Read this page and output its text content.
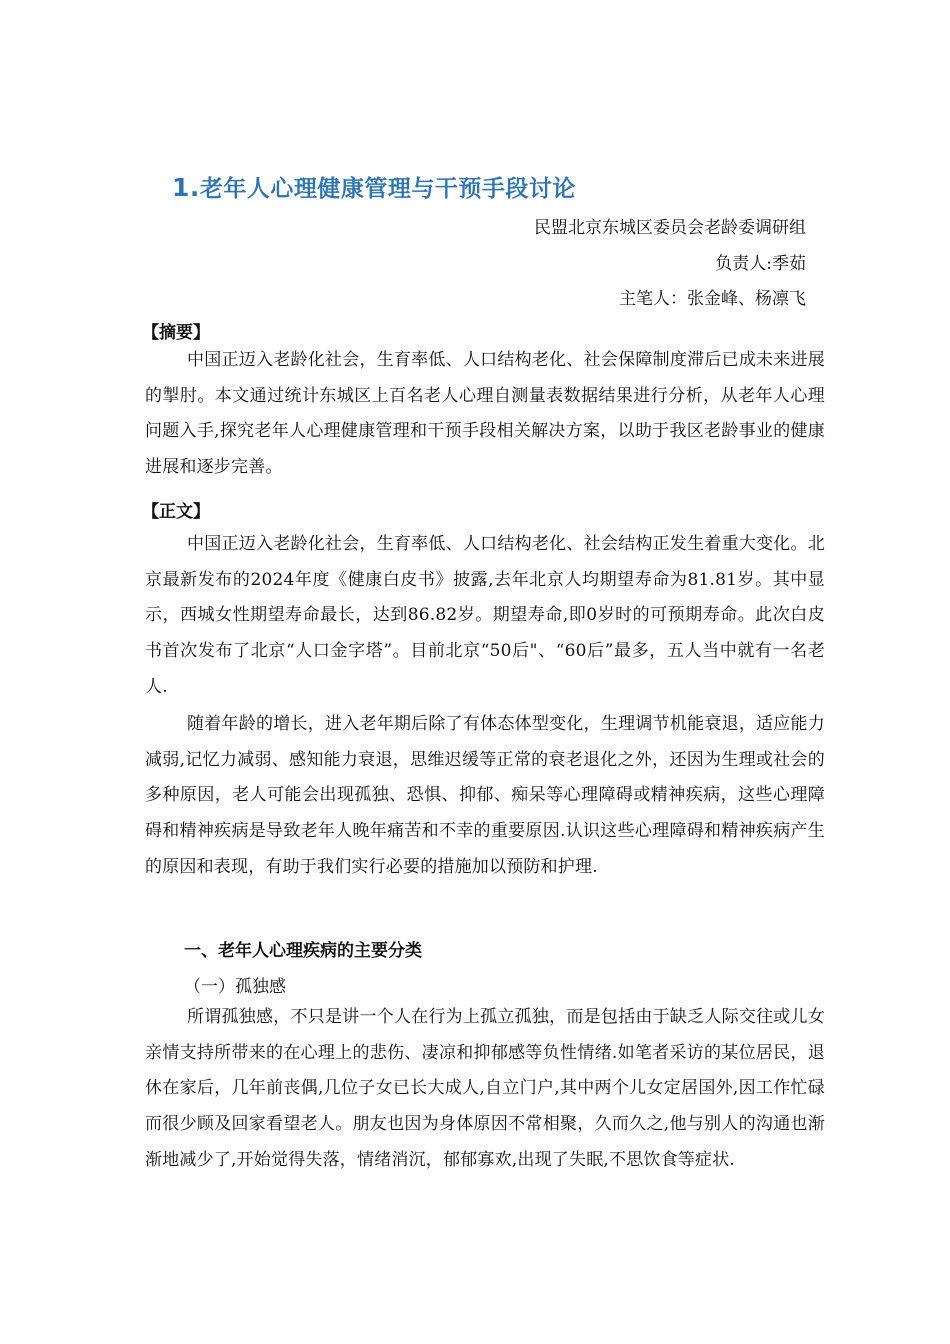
1.老年人心理健康管理与干预手段讨论
民盟北京东城区委员会老龄委调研组
负责人:季茹
主笔人：张金峰、杨凛飞
【摘要】
中国正迈入老龄化社会，生育率低、人口结构老化、社会保障制度滞后已成未来进展的掣肘。本文通过统计东城区上百名老人心理自测量表数据结果进行分析，从老年人心理问题入手,探究老年人心理健康管理和干预手段相关解决方案，以助于我区老龄事业的健康进展和逐步完善。
【正文】
中国正迈入老龄化社会，生育率低、人口结构老化、社会结构正发生着重大变化。北京最新发布的2024年度《健康白皮书》披露,去年北京人均期望寿命为81.81岁。其中显示，西城女性期望寿命最长，达到86.82岁。期望寿命,即0岁时的可预期寿命。此次白皮书首次发布了北京“人口金字塔”。目前北京“50后"、“60后”最多，五人当中就有一名老人.
随着年龄的增长，进入老年期后除了有体态体型变化，生理调节机能衰退，适应能力减弱,记忆力减弱、感知能力衰退，思维迟缓等正常的衰老退化之外，还因为生理或社会的多种原因，老人可能会出现孤独、恐惧、抑郁、痴呆等心理障碍或精神疾病，这些心理障碍和精神疾病是导致老年人晚年痛苦和不幸的重要原因.认识这些心理障碍和精神疾病产生的原因和表现，有助于我们实行必要的措施加以预防和护理.
一、老年人心理疾病的主要分类
（一）孤独感
所谓孤独感，不只是讲一个人在行为上孤立孤独，而是包括由于缺乏人际交往或儿女亲情支持所带来的在心理上的悲伤、凄凉和抑郁感等负性情绪.如笔者采访的某位居民，退休在家后，几年前丧偶,几位子女已长大成人,自立门户,其中两个儿女定居国外,因工作忙碌而很少顾及回家看望老人。朋友也因为身体原因不常相聚，久而久之,他与别人的沟通也渐渐地减少了,开始觉得失落，情绪消沉，郁郁寡欢,出现了失眠,不思饮食等症状.
